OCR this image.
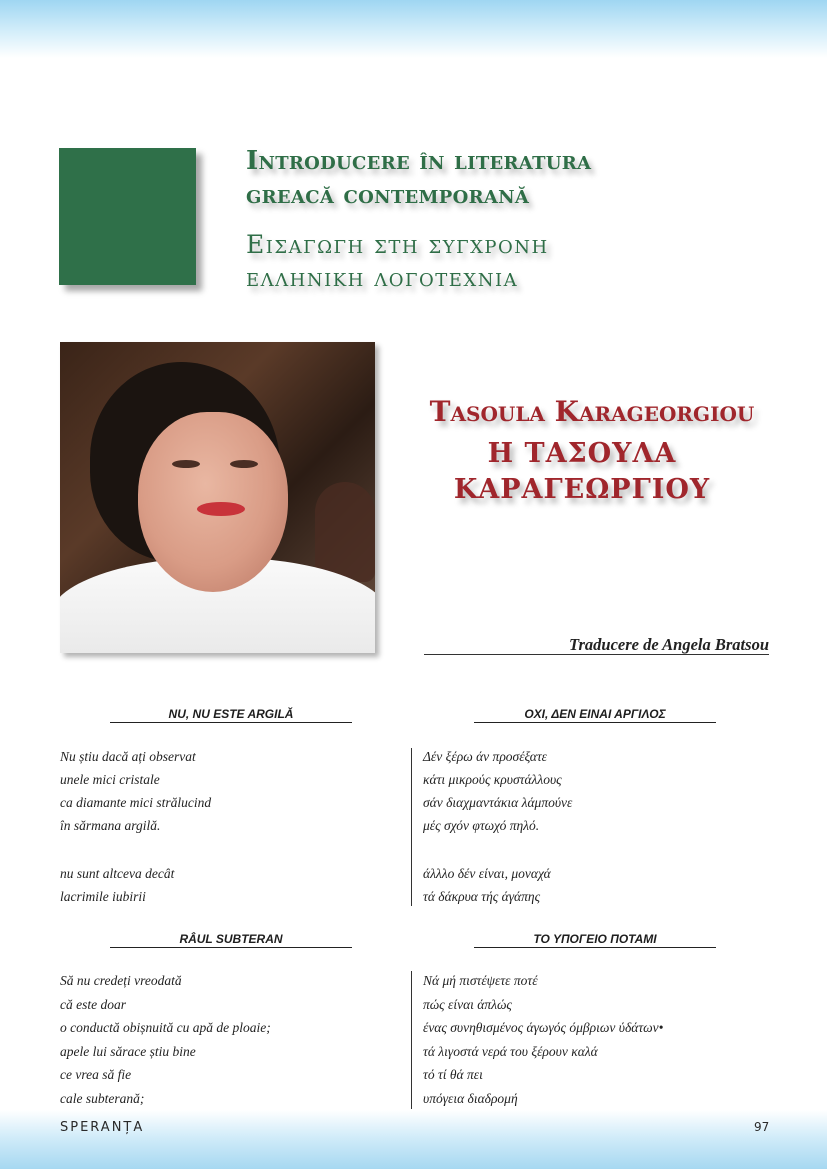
Introducere în literatura
greacă contemporană
Εισαγωγη στη συγχρονη
ελληνικη λογοτεχνια
Tasoula Karageorgiou
Η ΤΑΣΟΥΛΑ
ΚΑΡΑΓΕΩΡΓΙΟΥ
Traducere de Angela Bratsou
NU, NU ESTE ARGILĂ	ΟΧΙ, ΔΕΝ ΕΙΝΑΙ ΑΡΓΙΛΟΣ
Nu știu dacă ați observat
unele mici cristale
ca diamante mici strălucind
în sărmana argilă.
nu sunt altceva decât
lacrimile iubirii
Δέν ξέρω άν προσέξατε
κάτι μικρούς κρυστάλλους
σάν διαχμαντάκια λάμπούνε
μές σχόν φτωχό πηλό.
άλλλο δέν είναι, μοναχά
τά δάκρυα τής άγάπης
RÂUL SUBTERAN	ΤΟ ΥΠΟΓΕΙΟ ΠΟΤΑΜΙ
Să nu credeți vreodată
că este doar
o conductă obișnuită cu apă de ploaie;
apele lui sărace știu bine
ce vrea să fie
cale subterană;
Νά μή πιστέψετε ποτέ
πώς είναι άπλώς
ένας συνηθισμένος άγωγός όμβριων ύδάτων•
τά λιγοστά νερά του ξέρουν καλά
τό τί θά πει
υπόγεια διαδρομή
SPERANȚA	97
